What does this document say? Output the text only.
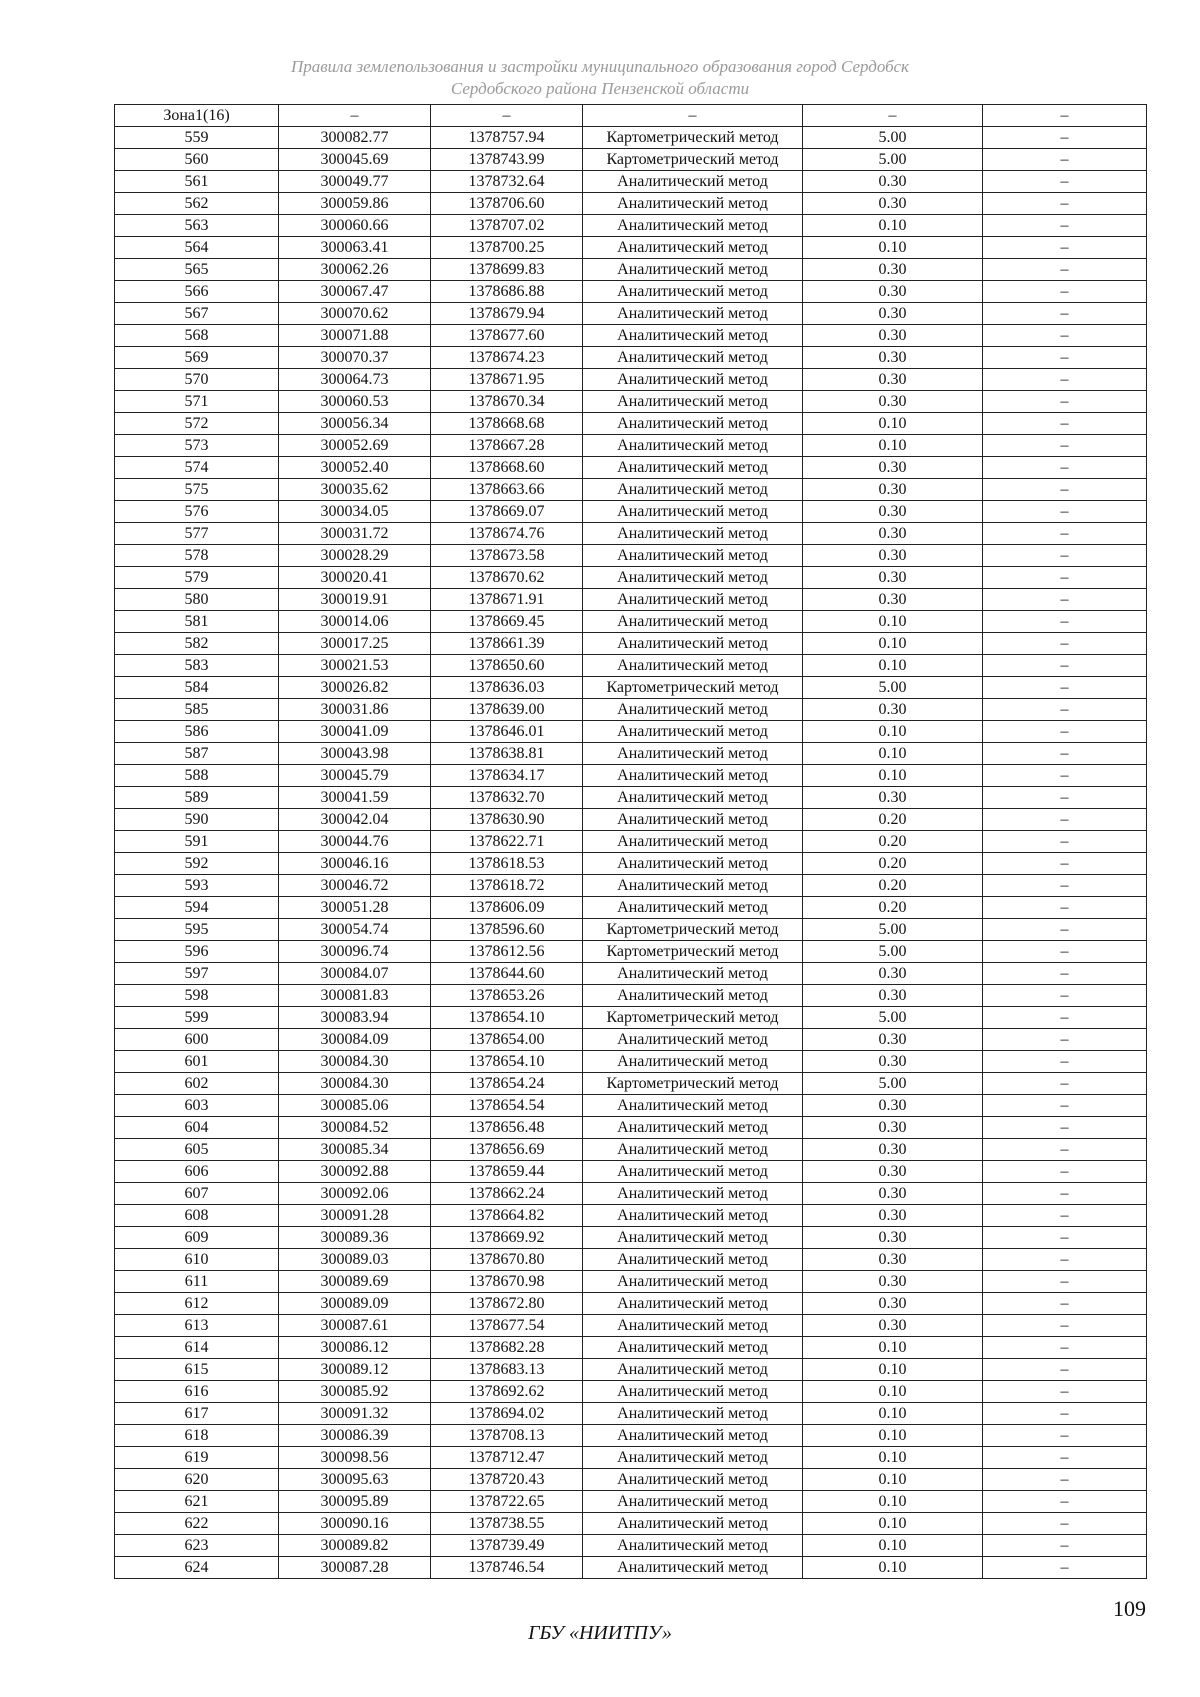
Правила землепользования и застройки муниципального образования город Сердобск
Сердобского района Пензенской области
Зона1(16)	–	–	–	–	–
559	300082.77	1378757.94	Картометрический метод	5.00	–
560	300045.69	1378743.99	Картометрический метод	5.00	–
561	300049.77	1378732.64	Аналитический метод	0.30	–
562	300059.86	1378706.60	Аналитический метод	0.30	–
563	300060.66	1378707.02	Аналитический метод	0.10	–
564	300063.41	1378700.25	Аналитический метод	0.10	–
565	300062.26	1378699.83	Аналитический метод	0.30	–
566	300067.47	1378686.88	Аналитический метод	0.30	–
567	300070.62	1378679.94	Аналитический метод	0.30	–
568	300071.88	1378677.60	Аналитический метод	0.30	–
569	300070.37	1378674.23	Аналитический метод	0.30	–
570	300064.73	1378671.95	Аналитический метод	0.30	–
571	300060.53	1378670.34	Аналитический метод	0.30	–
572	300056.34	1378668.68	Аналитический метод	0.10	–
573	300052.69	1378667.28	Аналитический метод	0.10	–
574	300052.40	1378668.60	Аналитический метод	0.30	–
575	300035.62	1378663.66	Аналитический метод	0.30	–
576	300034.05	1378669.07	Аналитический метод	0.30	–
577	300031.72	1378674.76	Аналитический метод	0.30	–
578	300028.29	1378673.58	Аналитический метод	0.30	–
579	300020.41	1378670.62	Аналитический метод	0.30	–
580	300019.91	1378671.91	Аналитический метод	0.30	–
581	300014.06	1378669.45	Аналитический метод	0.10	–
582	300017.25	1378661.39	Аналитический метод	0.10	–
583	300021.53	1378650.60	Аналитический метод	0.10	–
584	300026.82	1378636.03	Картометрический метод	5.00	–
585	300031.86	1378639.00	Аналитический метод	0.30	–
586	300041.09	1378646.01	Аналитический метод	0.10	–
587	300043.98	1378638.81	Аналитический метод	0.10	–
588	300045.79	1378634.17	Аналитический метод	0.10	–
589	300041.59	1378632.70	Аналитический метод	0.30	–
590	300042.04	1378630.90	Аналитический метод	0.20	–
591	300044.76	1378622.71	Аналитический метод	0.20	–
592	300046.16	1378618.53	Аналитический метод	0.20	–
593	300046.72	1378618.72	Аналитический метод	0.20	–
594	300051.28	1378606.09	Аналитический метод	0.20	–
595	300054.74	1378596.60	Картометрический метод	5.00	–
596	300096.74	1378612.56	Картометрический метод	5.00	–
597	300084.07	1378644.60	Аналитический метод	0.30	–
598	300081.83	1378653.26	Аналитический метод	0.30	–
599	300083.94	1378654.10	Картометрический метод	5.00	–
600	300084.09	1378654.00	Аналитический метод	0.30	–
601	300084.30	1378654.10	Аналитический метод	0.30	–
602	300084.30	1378654.24	Картометрический метод	5.00	–
603	300085.06	1378654.54	Аналитический метод	0.30	–
604	300084.52	1378656.48	Аналитический метод	0.30	–
605	300085.34	1378656.69	Аналитический метод	0.30	–
606	300092.88	1378659.44	Аналитический метод	0.30	–
607	300092.06	1378662.24	Аналитический метод	0.30	–
608	300091.28	1378664.82	Аналитический метод	0.30	–
609	300089.36	1378669.92	Аналитический метод	0.30	–
610	300089.03	1378670.80	Аналитический метод	0.30	–
611	300089.69	1378670.98	Аналитический метод	0.30	–
612	300089.09	1378672.80	Аналитический метод	0.30	–
613	300087.61	1378677.54	Аналитический метод	0.30	–
614	300086.12	1378682.28	Аналитический метод	0.10	–
615	300089.12	1378683.13	Аналитический метод	0.10	–
616	300085.92	1378692.62	Аналитический метод	0.10	–
617	300091.32	1378694.02	Аналитический метод	0.10	–
618	300086.39	1378708.13	Аналитический метод	0.10	–
619	300098.56	1378712.47	Аналитический метод	0.10	–
620	300095.63	1378720.43	Аналитический метод	0.10	–
621	300095.89	1378722.65	Аналитический метод	0.10	–
622	300090.16	1378738.55	Аналитический метод	0.10	–
623	300089.82	1378739.49	Аналитический метод	0.10	–
624	300087.28	1378746.54	Аналитический метод	0.10	–
109
ГБУ «НИИТПУ»
